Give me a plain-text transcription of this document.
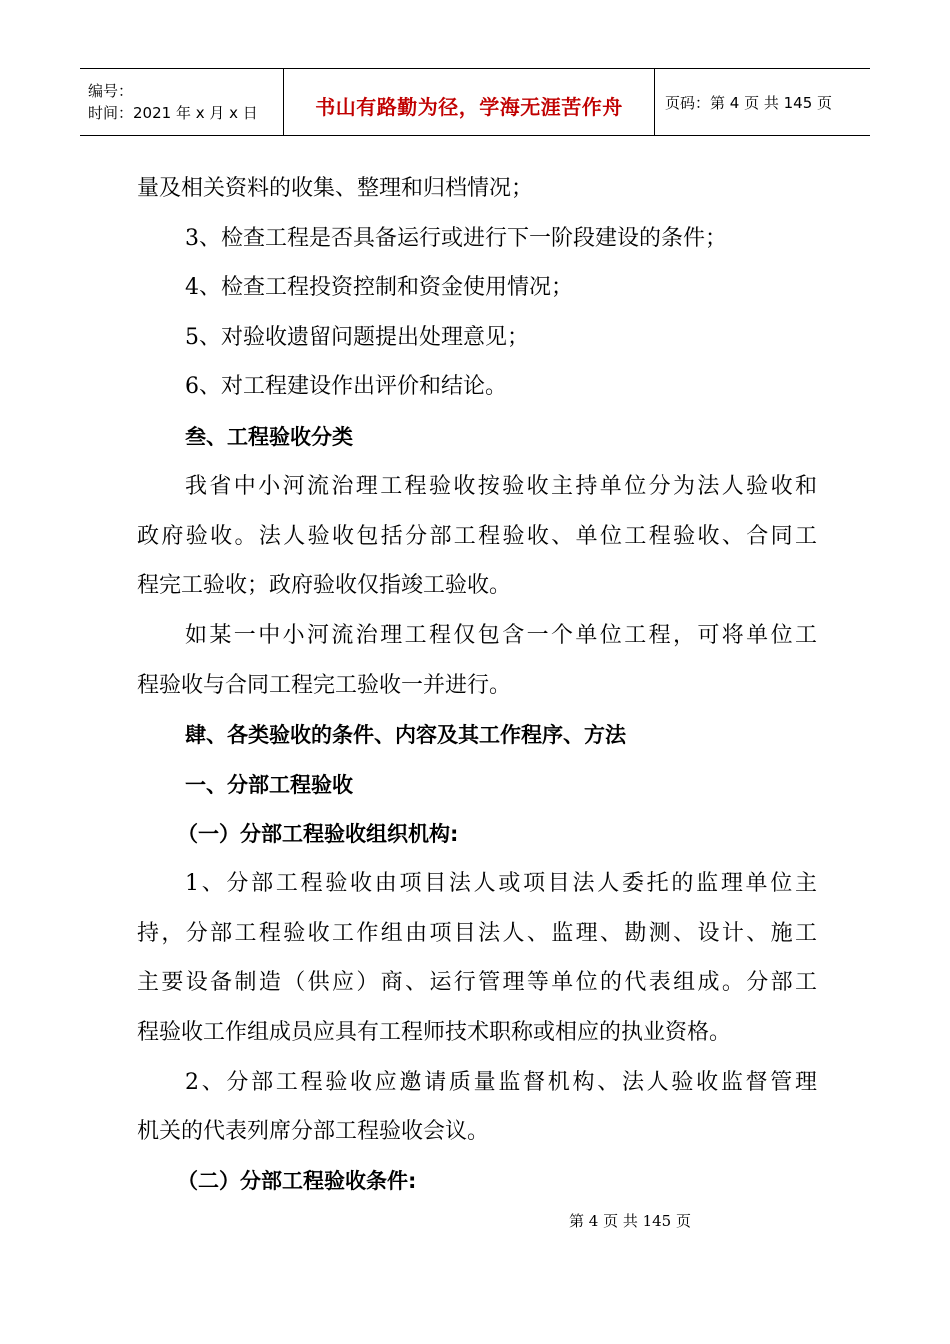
编号：
时间：2021 年 x 月 x 日	书山有路勤为径，学海无涯苦作舟	页码：第 4 页 共 145 页
量及相关资料的收集、整理和归档情况；
3、检查工程是否具备运行或进行下一阶段建设的条件；
4、检查工程投资控制和资金使用情况；
5、对验收遗留问题提出处理意见；
6、对工程建设作出评价和结论。
叁、工程验收分类
我省中小河流治理工程验收按验收主持单位分为法人验收和
政府验收。法人验收包括分部工程验收、单位工程验收、合同工
程完工验收；政府验收仅指竣工验收。
如某一中小河流治理工程仅包含一个单位工程，可将单位工
程验收与合同工程完工验收一并进行。
肆、各类验收的条件、内容及其工作程序、方法
一、分部工程验收
（一）分部工程验收组织机构:
1、分部工程验收由项目法人或项目法人委托的监理单位主
持，分部工程验收工作组由项目法人、监理、勘测、设计、施工
主要设备制造（供应）商、运行管理等单位的代表组成。分部工
程验收工作组成员应具有工程师技术职称或相应的执业资格。
2、分部工程验收应邀请质量监督机构、法人验收监督管理
机关的代表列席分部工程验收会议。
（二）分部工程验收条件:
第 4 页 共 145 页
